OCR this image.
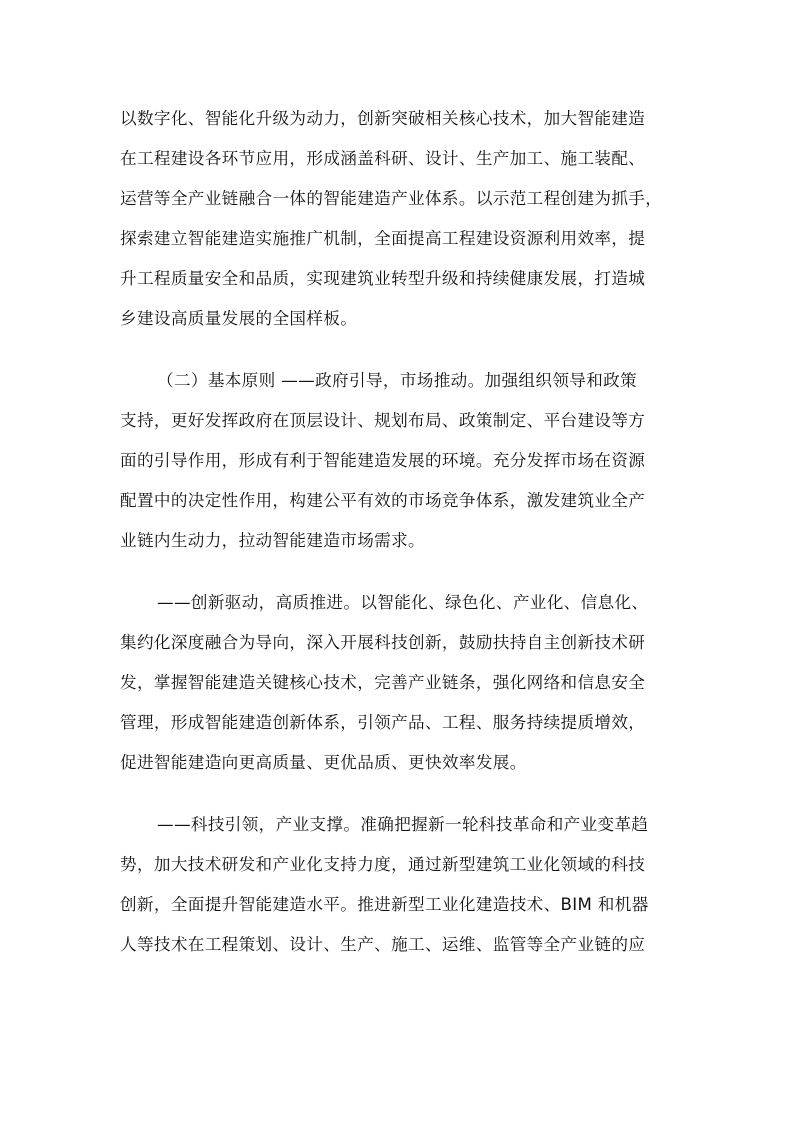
以数字化、智能化升级为动力，创新突破相关核心技术，加大智能建造
在工程建设各环节应用，形成涵盖科研、设计、生产加工、施工装配、
运营等全产业链融合一体的智能建造产业体系。以示范工程创建为抓手，
探索建立智能建造实施推广机制，全面提高工程建设资源利用效率，提
升工程质量安全和品质，实现建筑业转型升级和持续健康发展，打造城
乡建设高质量发展的全国样板。
（二）基本原则 ——政府引导，市场推动。加强组织领导和政策
支持，更好发挥政府在顶层设计、规划布局、政策制定、平台建设等方
面的引导作用，形成有利于智能建造发展的环境。充分发挥市场在资源
配置中的决定性作用，构建公平有效的市场竞争体系，激发建筑业全产
业链内生动力，拉动智能建造市场需求。
——创新驱动，高质推进。以智能化、绿色化、产业化、信息化、
集约化深度融合为导向，深入开展科技创新，鼓励扶持自主创新技术研
发，掌握智能建造关键核心技术，完善产业链条，强化网络和信息安全
管理，形成智能建造创新体系，引领产品、工程、服务持续提质增效，
促进智能建造向更高质量、更优品质、更快效率发展。
——科技引领，产业支撑。准确把握新一轮科技革命和产业变革趋
势，加大技术研发和产业化支持力度，通过新型建筑工业化领域的科技
创新，全面提升智能建造水平。推进新型工业化建造技术、BIM 和机器
人等技术在工程策划、设计、生产、施工、运维、监管等全产业链的应
